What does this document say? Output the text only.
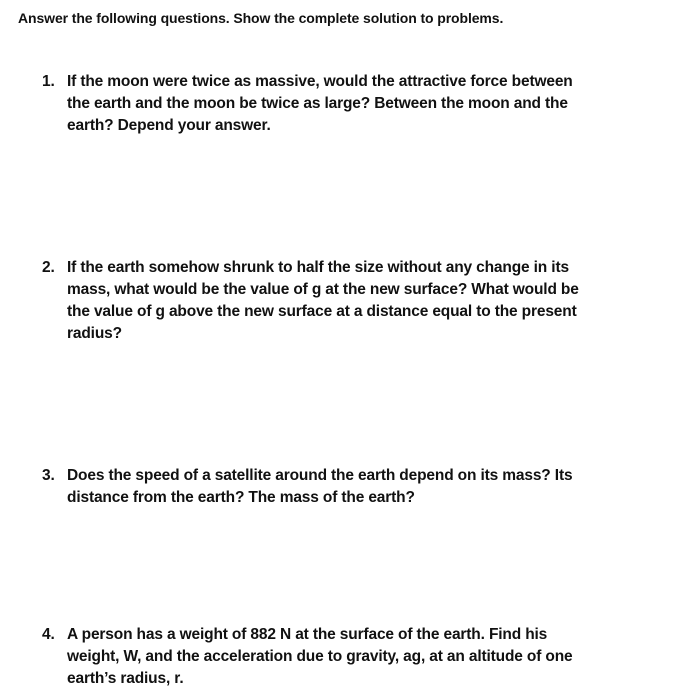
Answer the following questions. Show the complete solution to problems.
1. If the moon were twice as massive, would the attractive force between
the earth and the moon be twice as large? Between the moon and the
earth? Depend your answer.
2. If the earth somehow shrunk to half the size without any change in its
mass, what would be the value of g at the new surface? What would be
the value of g above the new surface at a distance equal to the present
radius?
3. Does the speed of a satellite around the earth depend on its mass? Its
distance from the earth? The mass of the earth?
4. A person has a weight of 882 N at the surface of the earth. Find his
weight, W, and the acceleration due to gravity, ag, at an altitude of one
earth’s radius, r.
